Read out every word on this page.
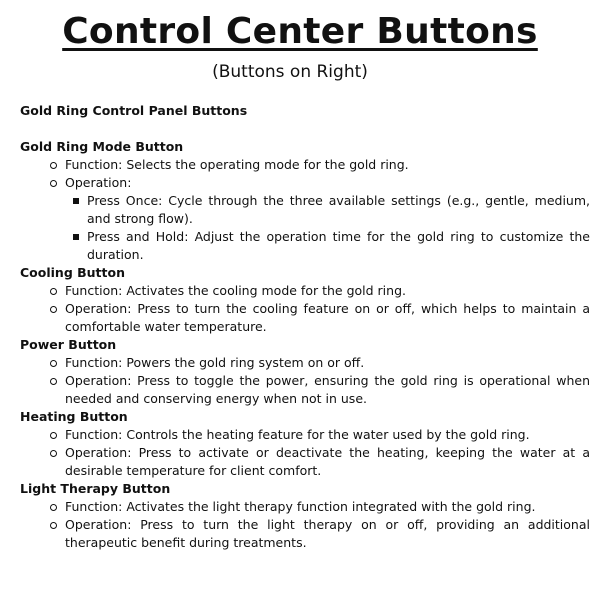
Control Center Buttons
(Buttons on Right)
Gold Ring Control Panel Buttons
Gold Ring Mode Button
Function: Selects the operating mode for the gold ring.
Operation:
Press Once: Cycle through the three available settings (e.g., gentle, medium, and strong flow).
Press and Hold: Adjust the operation time for the gold ring to customize the duration.
Cooling Button
Function: Activates the cooling mode for the gold ring.
Operation: Press to turn the cooling feature on or off, which helps to maintain a comfortable water temperature.
Power Button
Function: Powers the gold ring system on or off.
Operation: Press to toggle the power, ensuring the gold ring is operational when needed and conserving energy when not in use.
Heating Button
Function: Controls the heating feature for the water used by the gold ring.
Operation: Press to activate or deactivate the heating, keeping the water at a desirable temperature for client comfort.
Light Therapy Button
Function: Activates the light therapy function integrated with the gold ring.
Operation: Press to turn the light therapy on or off, providing an additional therapeutic benefit during treatments.
